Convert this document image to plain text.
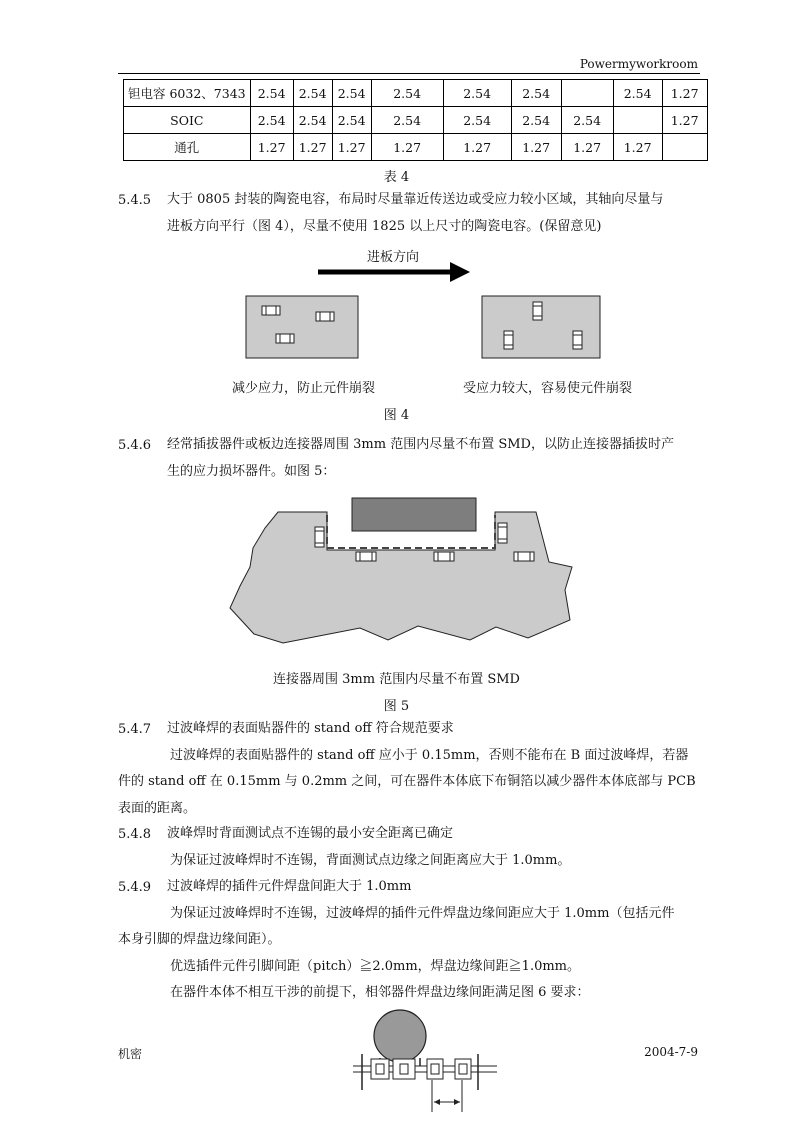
Powermyworkroom
钽电容 6032、7343	2.54	2.54	2.54	2.54	2.54	2.54		2.54	1.27
SOIC	2.54	2.54	2.54	2.54	2.54	2.54	2.54		1.27
通孔	1.27	1.27	1.27	1.27	1.27	1.27	1.27	1.27	
表 4
5.4.5 大于 0805 封装的陶瓷电容，布局时尽量靠近传送边或受应力较小区域，其轴向尽量与
进板方向平行（图 4），尽量不使用 1825 以上尺寸的陶瓷电容。(保留意见)
进板方向
减少应力，防止元件崩裂	受应力较大，容易使元件崩裂
图 4
5.4.6 经常插拔器件或板边连接器周围 3mm 范围内尽量不布置 SMD，以防止连接器插拔时产
生的应力损坏器件。如图 5：
连接器周围 3mm 范围内尽量不布置 SMD
图 5
5.4.7 过波峰焊的表面贴器件的 stand off 符合规范要求
过波峰焊的表面贴器件的 stand off 应小于 0.15mm，否则不能布在 B 面过波峰焊，若器
件的 stand off 在 0.15mm 与 0.2mm 之间，可在器件本体底下布铜箔以减少器件本体底部与 PCB
表面的距离。
5.4.8 波峰焊时背面测试点不连锡的最小安全距离已确定
为保证过波峰焊时不连锡，背面测试点边缘之间距离应大于 1.0mm。
5.4.9 过波峰焊的插件元件焊盘间距大于 1.0mm
为保证过波峰焊时不连锡，过波峰焊的插件元件焊盘边缘间距应大于 1.0mm（包括元件
本身引脚的焊盘边缘间距）。
优选插件元件引脚间距（pitch）≧2.0mm，焊盘边缘间距≧1.0mm。
在器件本体不相互干涉的前提下，相邻器件焊盘边缘间距满足图 6 要求：
机密	2004-7-9
